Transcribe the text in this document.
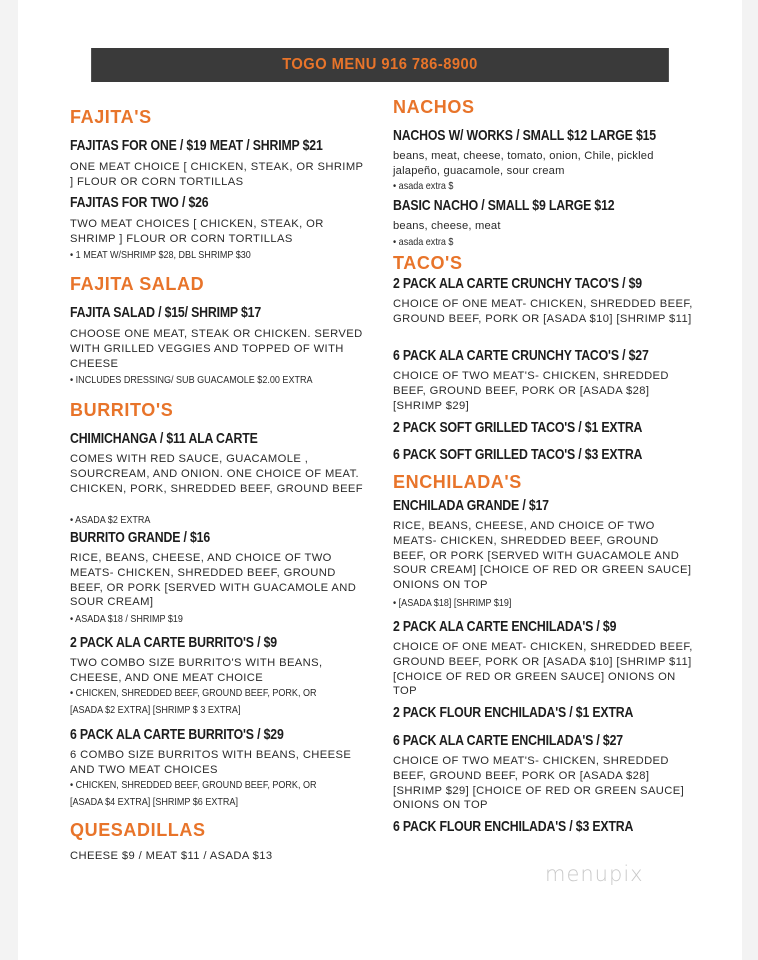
TOGO MENU 916 786-8900
FAJITA'S
FAJITAS FOR ONE / $19 MEAT / SHRIMP $21
ONE MEAT CHOICE [ CHICKEN, STEAK, OR SHRIMP ] FLOUR OR CORN TORTILLAS
FAJITAS FOR TWO / $26
TWO MEAT CHOICES [ CHICKEN, STEAK, OR SHRIMP ] FLOUR OR CORN TORTILLAS
• 1 MEAT W/SHRIMP $28, DBL SHRIMP $30
FAJITA SALAD
FAJITA SALAD / $15/ SHRIMP $17
CHOOSE ONE MEAT, STEAK OR CHICKEN. SERVED WITH GRILLED VEGGIES AND TOPPED OF WITH CHEESE
• INCLUDES DRESSING/ SUB GUACAMOLE $2.00 EXTRA
BURRITO'S
CHIMICHANGA / $11 ALA CARTE
COMES WITH RED SAUCE, GUACAMOLE , SOURCREAM, AND ONION. ONE CHOICE OF MEAT. CHICKEN, PORK, SHREDDED BEEF, GROUND BEEF
• ASADA $2 EXTRA
BURRITO GRANDE / $16
RICE, BEANS, CHEESE, AND CHOICE OF TWO MEATS- CHICKEN, SHREDDED BEEF, GROUND BEEF, OR PORK [SERVED WITH GUACAMOLE AND SOUR CREAM]
• ASADA $18 / SHRIMP $19
2 PACK ALA CARTE BURRITO'S / $9
TWO COMBO SIZE BURRITO'S WITH BEANS, CHEESE, AND ONE MEAT CHOICE
• CHICKEN, SHREDDED BEEF, GROUND BEEF, PORK, OR
[ASADA $2 EXTRA] [SHRIMP $ 3 EXTRA]
6 PACK ALA CARTE BURRITO'S / $29
6 COMBO SIZE BURRITOS WITH BEANS, CHEESE AND TWO MEAT CHOICES
• CHICKEN, SHREDDED BEEF, GROUND BEEF, PORK, OR
[ASADA $4 EXTRA] [SHRIMP $6 EXTRA]
QUESADILLAS
CHEESE $9 / MEAT $11 / ASADA $13
NACHOS
NACHOS W/ WORKS / SMALL $12 LARGE $15
beans, meat, cheese, tomato, onion, Chile, pickled jalapeño, guacamole, sour cream
• asada extra $
BASIC NACHO / SMALL $9 LARGE $12
beans, cheese, meat
• asada extra $
TACO'S
2 PACK ALA CARTE CRUNCHY TACO'S / $9
CHOICE OF ONE MEAT- CHICKEN, SHREDDED BEEF, GROUND BEEF, PORK OR [ASADA $10] [SHRIMP $11]
6 PACK ALA CARTE CRUNCHY TACO'S / $27
CHOICE OF TWO MEAT'S- CHICKEN, SHREDDED BEEF, GROUND BEEF, PORK OR [ASADA $28] [SHRIMP $29]
2 PACK SOFT GRILLED TACO'S / $1 EXTRA
6 PACK SOFT GRILLED TACO'S / $3 EXTRA
ENCHILADA'S
ENCHILADA GRANDE / $17
RICE, BEANS, CHEESE, AND CHOICE OF TWO MEATS- CHICKEN, SHREDDED BEEF, GROUND BEEF, OR PORK [SERVED WITH GUACAMOLE AND SOUR CREAM] [CHOICE OF RED OR GREEN SAUCE] ONIONS ON TOP
• [ASADA $18] [SHRIMP $19]
2 PACK ALA CARTE ENCHILADA'S / $9
CHOICE OF ONE MEAT- CHICKEN, SHREDDED BEEF, GROUND BEEF, PORK OR [ASADA $10] [SHRIMP $11] [CHOICE OF RED OR GREEN SAUCE] ONIONS ON TOP
2 PACK FLOUR ENCHILADA'S / $1 EXTRA
6 PACK ALA CARTE ENCHILADA'S / $27
CHOICE OF TWO MEAT'S- CHICKEN, SHREDDED BEEF, GROUND BEEF, PORK OR [ASADA $28] [SHRIMP $29] [CHOICE OF RED OR GREEN SAUCE] ONIONS ON TOP
6 PACK FLOUR ENCHILADA'S / $3 EXTRA
menupix
